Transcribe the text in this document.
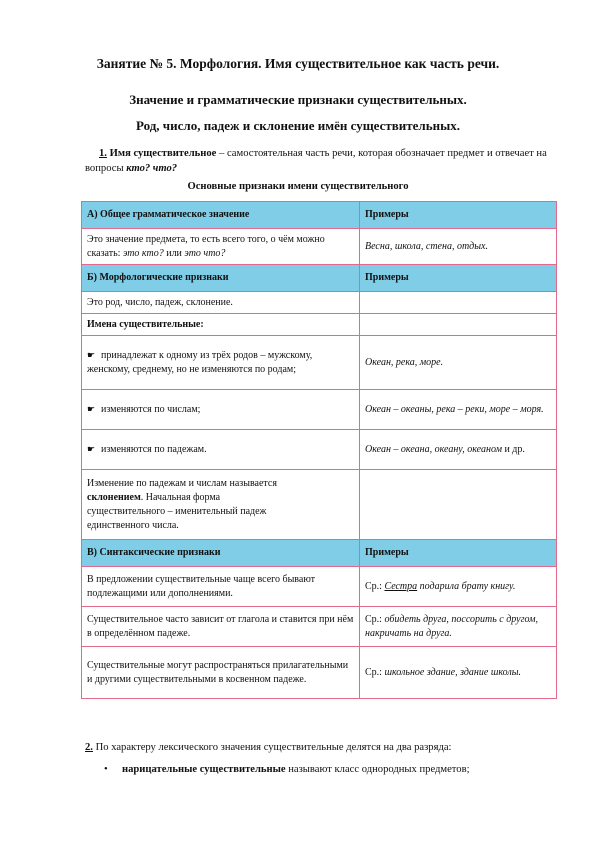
Занятие № 5. Морфология. Имя существительное как часть речи.
Значение и грамматические признаки существительных.
Род, число, падеж и склонение имён существительных.
1. Имя существительное – самостоятельная часть речи, которая обозначает предмет и отвечает на вопросы кто? что?
Основные признаки имени существительного
А) Общее грамматическое значение	Примеры
Это значение предмета, то есть всего того, о чём можно сказать: это кто? или это что?	Весна, школа, стена, отдых.
Б) Морфологические признаки	Примеры
Это род, число, падеж, склонение.	
Имена существительные:	
☛ принадлежат к одному из трёх родов – мужскому, женскому, среднему, но не изменяются по родам;	Океан, река, море.
☛ изменяются по числам;	Океан – океаны, река – реки, море – моря.
☛ изменяются по падежам.	Океан – океана, океану, океаном и др.
Изменение по падежам и числам называется склонением. Начальная форма существительного – именительный падеж единственного числа.	
В) Синтаксические признаки	Примеры
В предложении существительные чаще всего бывают подлежащими или дополнениями.	Ср.: Сестра подарила брату книгу.
Существительное часто зависит от глагола и ставится при нём в определённом падеже.	Ср.: обидеть друга, поссорить с другом, накричать на друга.
Существительные могут распространяться прилагательными и другими существительными в косвенном падеже.	Ср.: школьное здание, здание школы.
2. По характеру лексического значения существительные делятся на два разряда:
• нарицательные существительные называют класс однородных предметов;
